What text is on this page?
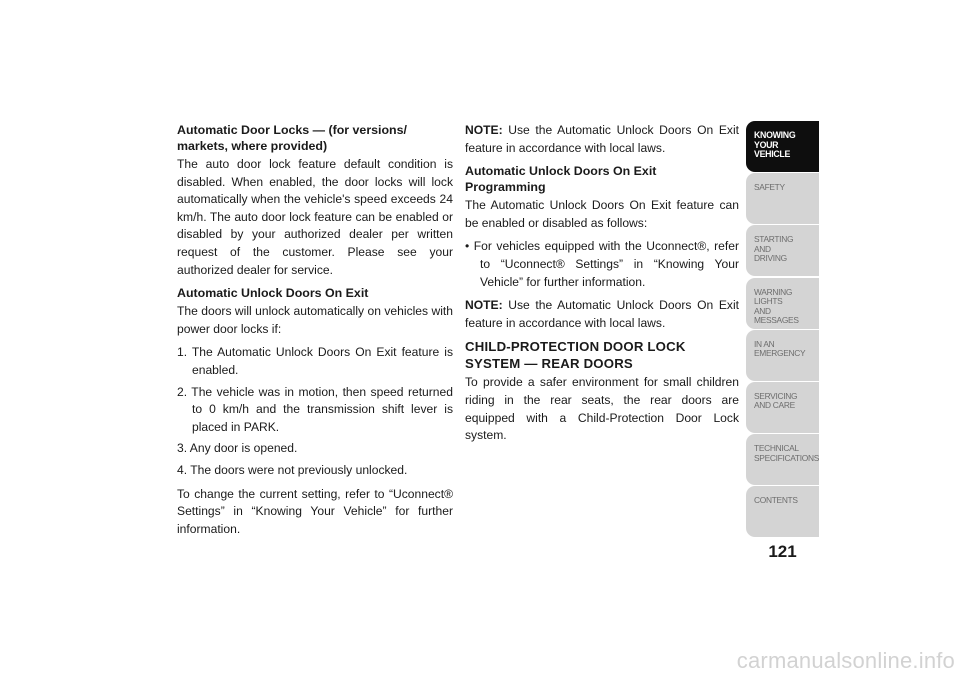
Automatic Door Locks — (for versions/ markets, where provided)

The auto door lock feature default condition is disabled. When enabled, the door locks will lock automatically when the vehicle's speed exceeds 24 km/h. The auto door lock feature can be enabled or disabled by your authorized dealer per written request of the customer. Please see your authorized dealer for service.

Automatic Unlock Doors On Exit

The doors will unlock automatically on vehicles with power door locks if:

1. The Automatic Unlock Doors On Exit feature is enabled.
2. The vehicle was in motion, then speed returned to 0 km/h and the transmission shift lever is placed in PARK.
3. Any door is opened.
4. The doors were not previously unlocked.

To change the current setting, refer to “Uconnect® Settings” in “Knowing Your Vehicle” for further information.

NOTE: Use the Automatic Unlock Doors On Exit feature in accordance with local laws.

Automatic Unlock Doors On Exit Programming

The Automatic Unlock Doors On Exit feature can be enabled or disabled as follows:

• For vehicles equipped with the Uconnect®, refer to “Uconnect® Settings” in “Knowing Your Vehicle” for further information.

NOTE: Use the Automatic Unlock Doors On Exit feature in accordance with local laws.

CHILD-PROTECTION DOOR LOCK SYSTEM — REAR DOORS

To provide a safer environment for small children riding in the rear seats, the rear doors are equipped with a Child-Protection Door Lock system.

KNOWING
YOUR
VEHICLE
SAFETY
STARTING
AND
DRIVING
WARNING
LIGHTS
AND
MESSAGES
IN AN
EMERGENCY
SERVICING
AND CARE
TECHNICAL
SPECIFICATIONS
CONTENTS
121
carmanualsonline.info
